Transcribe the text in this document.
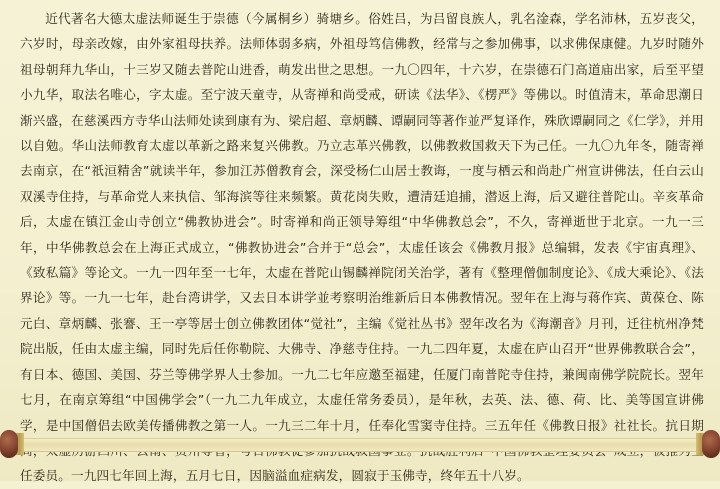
近代著名大德太虚法师诞生于崇德（今属桐乡）骑塘乡。俗姓吕，为吕留良族人，乳名淦森，学名沛林，五岁丧父，六岁时，母亲改嫁，由外家祖母扶养。法师体弱多病，外祖母笃信佛教，经常与之参加佛事，以求佛保康健。九岁时随外祖母朝拜九华山，十三岁又随去普陀山进香，萌发出世之思想。一九〇四年，十六岁，在崇德石门高道庙出家，后至平望小九华，取法名唯心，字太虚。至宁波天童寺，从寄禅和尚受戒，研读《法华》、《楞严》等佛以。时值清末，革命思潮日渐兴盛，在慈溪西方寺华山法师处读到康有为、梁启超、章炳麟、谭嗣同等著作並严复译作，殊欣谭嗣同之《仁学》，并用以自勉。华山法师教育太虚以革新之路来复兴佛教。乃立志革兴佛教，以佛教救国救天下为己任。一九〇九年冬，随寄禅去南京，在“祇洹精舍”就读半年，参加江苏僧教育会，深受杨仁山居士教诲，一度与栖云和尚赴广州宣讲佛法，任白云山双溪寺住持，与革命党人来执信、邹海滨等往来频繁。黄花岗失败，遭清廷追捕，潜返上海，后又避往普陀山。辛亥革命后，太虚在镇江金山寺创立“佛教协进会”。时寄禅和尚正领导筹组“中华佛教总会”，不久，寄禅逝世于北京。一九一三年，中华佛教总会在上海正式成立，“佛教协进会”合并于“总会”，太虚任该会《佛教月报》总编辑，发表《宇宙真理》、《致私篇》等论文。一九一四年至一七年，太虚在普陀山锡麟禅院闭关治学，著有《整理僧伽制度论》、《成大乘论》、《法界论》等。一九一七年，赴台湾讲学，又去日本讲学並考察明治维新后日本佛教情况。翌年在上海与蒋作宾、黄葆仓、陈元白、章炳麟、张謇、王一亭等居士创立佛教团体“觉社”，主编《觉社丛书》翌年改名为《海潮音》月刊，迁往杭州净梵院出版，任由太虚主编，同时先后任你勒院、大佛寺、净慈寺住持。一九二四年夏，太虚在庐山召开“世界佛教联合会”，有日本、德国、美国、芬兰等佛学界人士参加。一九二七年应邀至福建，任厦门南普陀寺住持，兼闽南佛学院院长。翌年七月，在南京筹组“中国佛学会”（一九二九年成立，太虚任常务委员），是年秋，去英、法、德、荷、比、美等国宣讲佛学，是中国僧侣去欧美传播佛教之第一人。一九三二年十月，任奉化雪窦寺住持。三五年任《佛教日报》社社长。抗日期 任委员。一九四七年回上海，五月七日，因脑溢血症病发，圆寂于玉佛寺，终年五十八岁。
